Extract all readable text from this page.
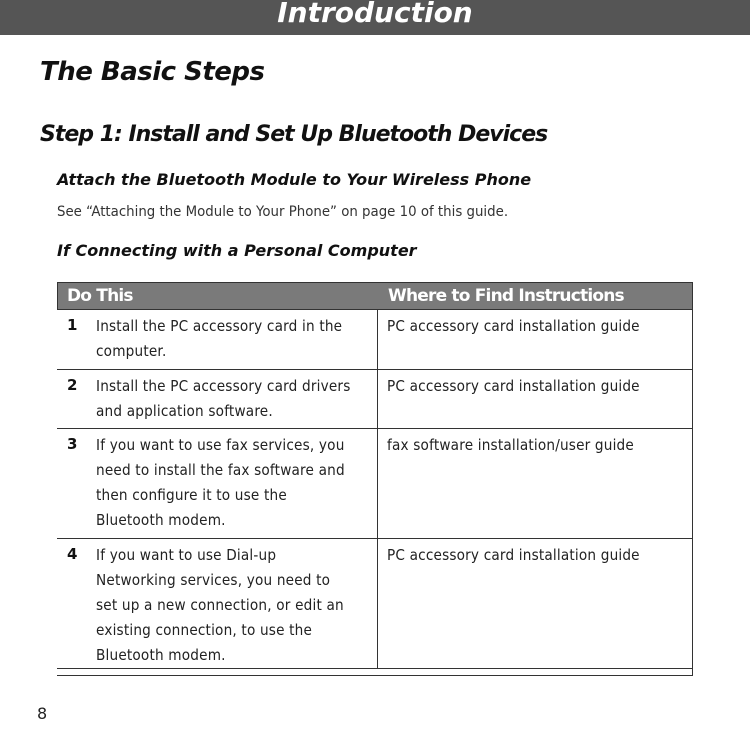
Introduction
The Basic Steps
Step 1: Install and Set Up Bluetooth Devices
Attach the Bluetooth Module to Your Wireless Phone

See “Attaching the Module to Your Phone” on page 10 of this guide.

If Connecting with a Personal Computer
Do This	Where to Find Instructions
1 Install the PC accessory card in the
computer.
PC accessory card installation guide
2 Install the PC accessory card drivers
and application software.
PC accessory card installation guide
3 If you want to use fax services, you
need to install the fax software and
then conﬁgure it to use the
Bluetooth modem.
fax software installation/user guide
4 If you want to use Dial-up
Networking services, you need to
set up a new connection, or edit an
existing connection, to use the
Bluetooth modem.
PC accessory card installation guide
8
